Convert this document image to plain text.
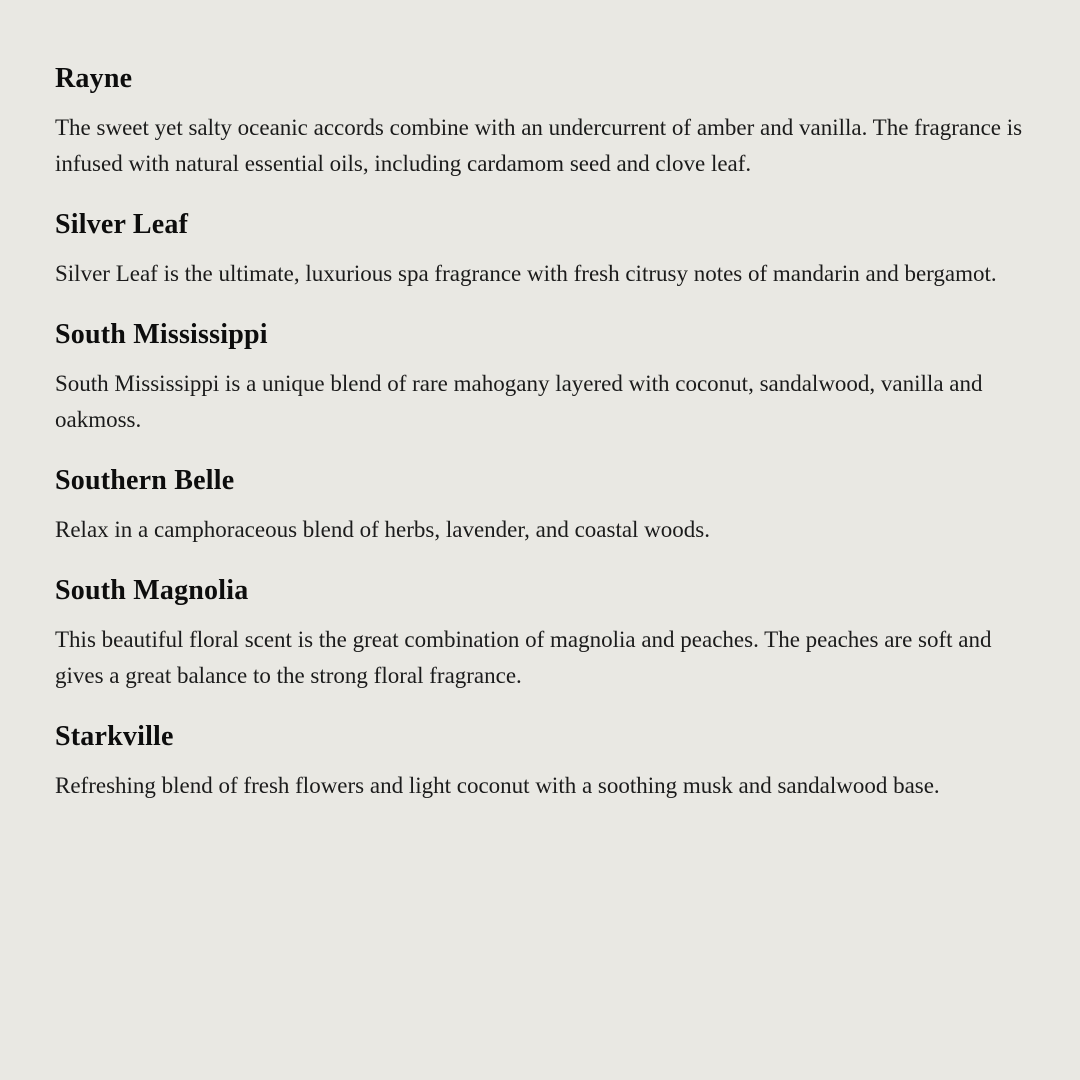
Rayne

The sweet yet salty oceanic accords combine with an undercurrent of amber and vanilla. The fragrance is infused with natural essential oils, including cardamom seed and clove leaf.

Silver Leaf

Silver Leaf is the ultimate, luxurious spa fragrance with fresh citrusy notes of mandarin and bergamot.

South Mississippi

South Mississippi is a unique blend of rare mahogany layered with coconut, sandalwood, vanilla and oakmoss.

Southern Belle

Relax in a camphoraceous blend of herbs, lavender, and coastal woods.

South Magnolia

This beautiful floral scent is the great combination of magnolia and peaches. The peaches are soft and gives a great balance to the strong floral fragrance.

Starkville

Refreshing blend of fresh flowers and light coconut with a soothing musk and sandalwood base.
